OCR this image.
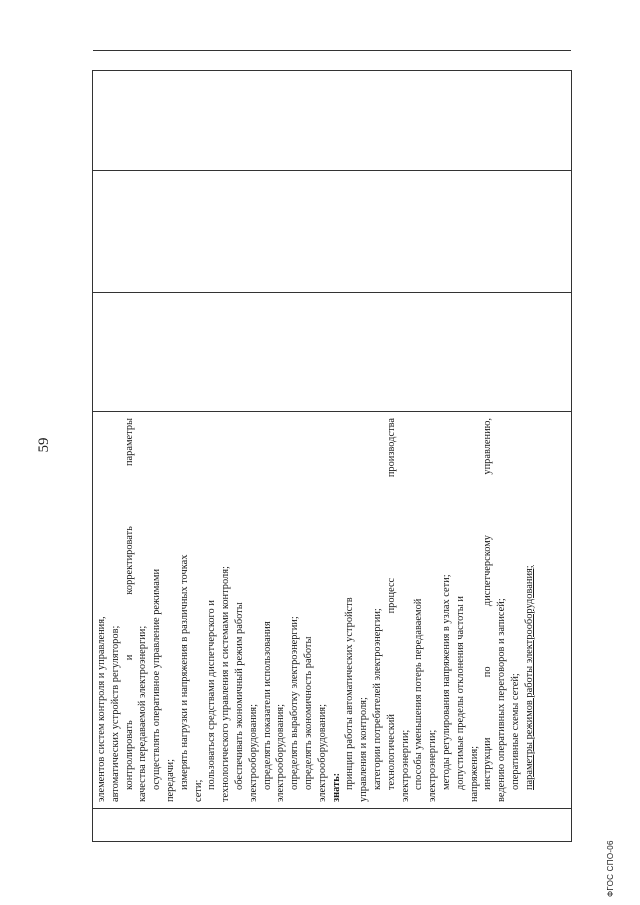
59
элементов систем контроля и управления, автоматических устройств регуляторов; контролировать и корректировать параметры качества передаваемой электроэнергии; осуществлять оперативное управление режимами передачи; измерять нагрузки и напряжения в различных точках
сети;
пользоваться средствами диспетчерского и технологического управления и системами контроля; обеспечивать экономичный режим работы электрооборудования; определять показатели использования электрооборудования; определять выработку электроэнергии; определять экономичность работы электрооборудования; знать: принцип работы автоматических устройств управления и контроля; категории потребителей электроэнергии; технологический процесс производства электроэнергии; способы уменьшения потерь передаваемой электроэнергии; методы регулирования напряжения в узлах сети; допустимые пределы отклонения частоты и напряжения; инструкции по диспетчерскому управлению, ведению оперативных переговоров и записей; оперативные схемы сетей; параметры режимов работы электрооборудования;
ФГОС СПО-06
